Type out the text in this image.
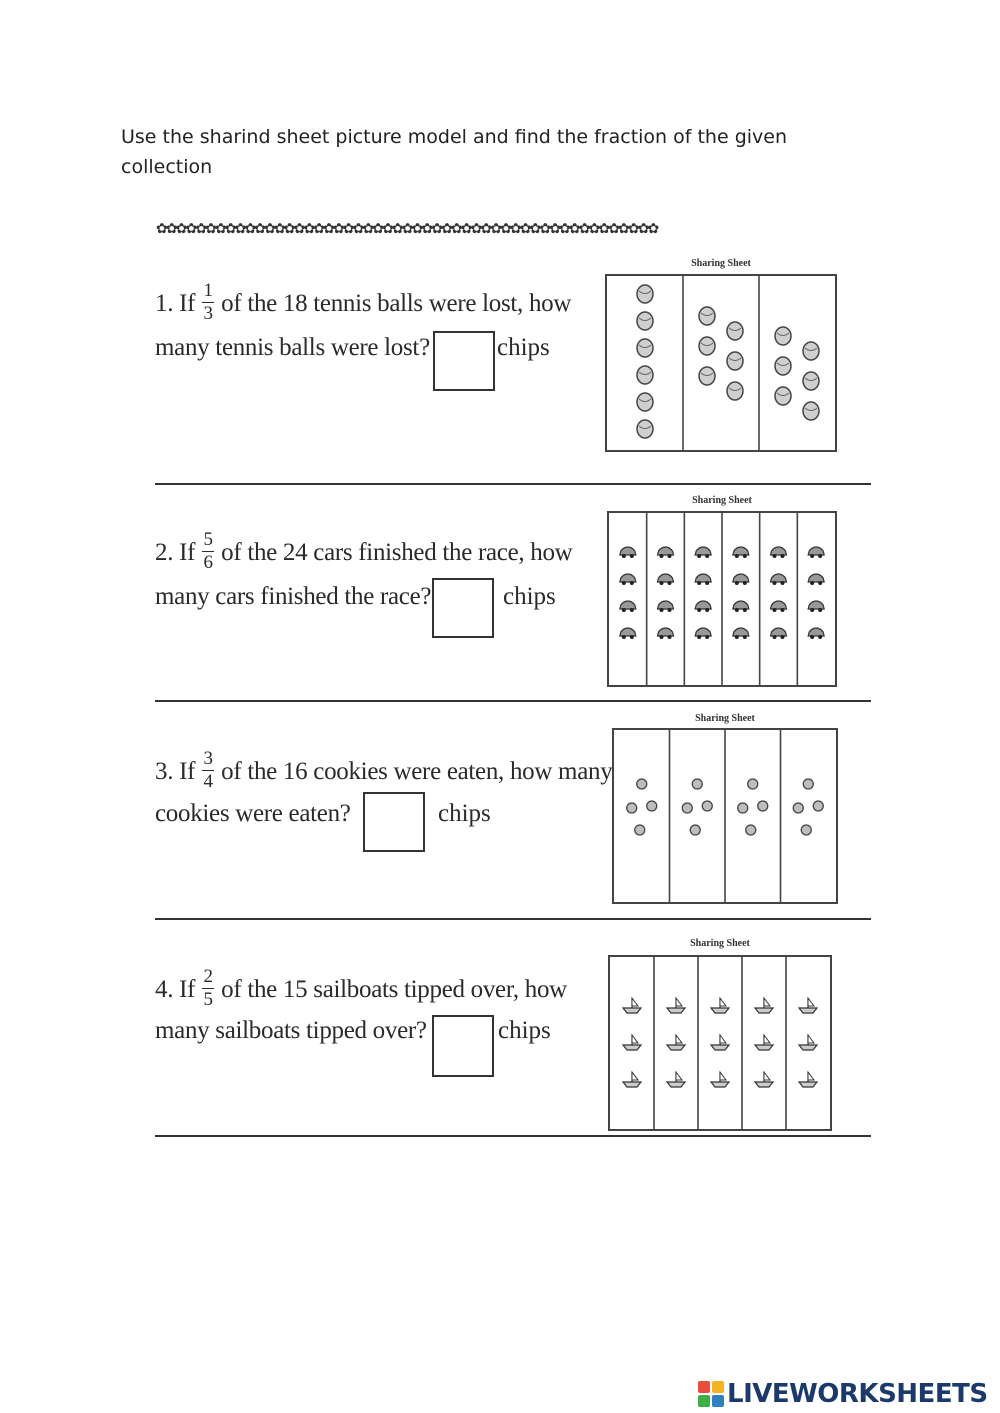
Use the sharind sheet picture model and find the fraction of the given collection
✿✿✿✿✿✿✿✿✿✿✿✿✿✿✿✿✿✿✿✿✿✿✿✿✿✿✿✿✿✿✿✿✿✿✿✿✿✿✿✿✿✿✿✿✿✿✿✿✿✿✿
1. If $\frac{1}{3}$ of the 18 tennis balls were lost, how
many tennis balls were lost?	chips
Sharing Sheet
2. If $\frac{5}{6}$ of the 24 cars finished the race, how
many cars finished the race?	chips
Sharing Sheet
3. If $\frac{3}{4}$ of the 16 cookies were eaten, how many
cookies were eaten?	chips
Sharing Sheet
4. If $\frac{2}{5}$ of the 15 sailboats tipped over, how
many sailboats tipped over?	chips
Sharing Sheet
LIVEWORKSHEETS
